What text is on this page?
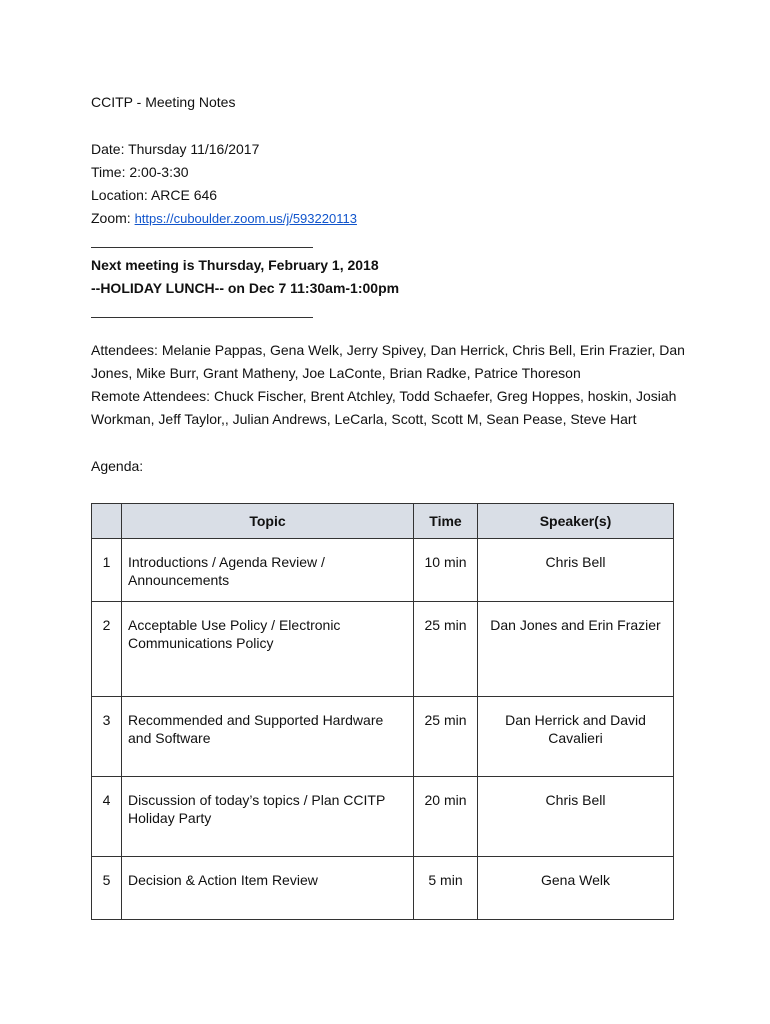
CCITP - Meeting Notes
Date: Thursday 11/16/2017
Time: 2:00-3:30
Location: ARCE 646
Zoom: https://cuboulder.zoom.us/j/593220113
Next meeting is Thursday, February 1, 2018
--HOLIDAY LUNCH-- on Dec 7 11:30am-1:00pm
Attendees: Melanie Pappas, Gena Welk, Jerry Spivey, Dan Herrick, Chris Bell, Erin Frazier, Dan
Jones, Mike Burr, Grant Matheny, Joe LaConte, Brian Radke, Patrice Thoreson
Remote Attendees: Chuck Fischer, Brent Atchley, Todd Schaefer, Greg Hoppes, hoskin, Josiah
Workman, Jeff Taylor,, Julian Andrews, LeCarla, Scott, Scott M, Sean Pease, Steve Hart
Agenda:
	Topic	Time	Speaker(s)
1	Introductions / Agenda Review / Announcements	10 min	Chris Bell
2	Acceptable Use Policy / Electronic Communications Policy	25 min	Dan Jones and Erin Frazier
3	Recommended and Supported Hardware and Software	25 min	Dan Herrick and David Cavalieri
4	Discussion of today’s topics / Plan CCITP Holiday Party	20 min	Chris Bell
5	Decision & Action Item Review	5 min	Gena Welk
